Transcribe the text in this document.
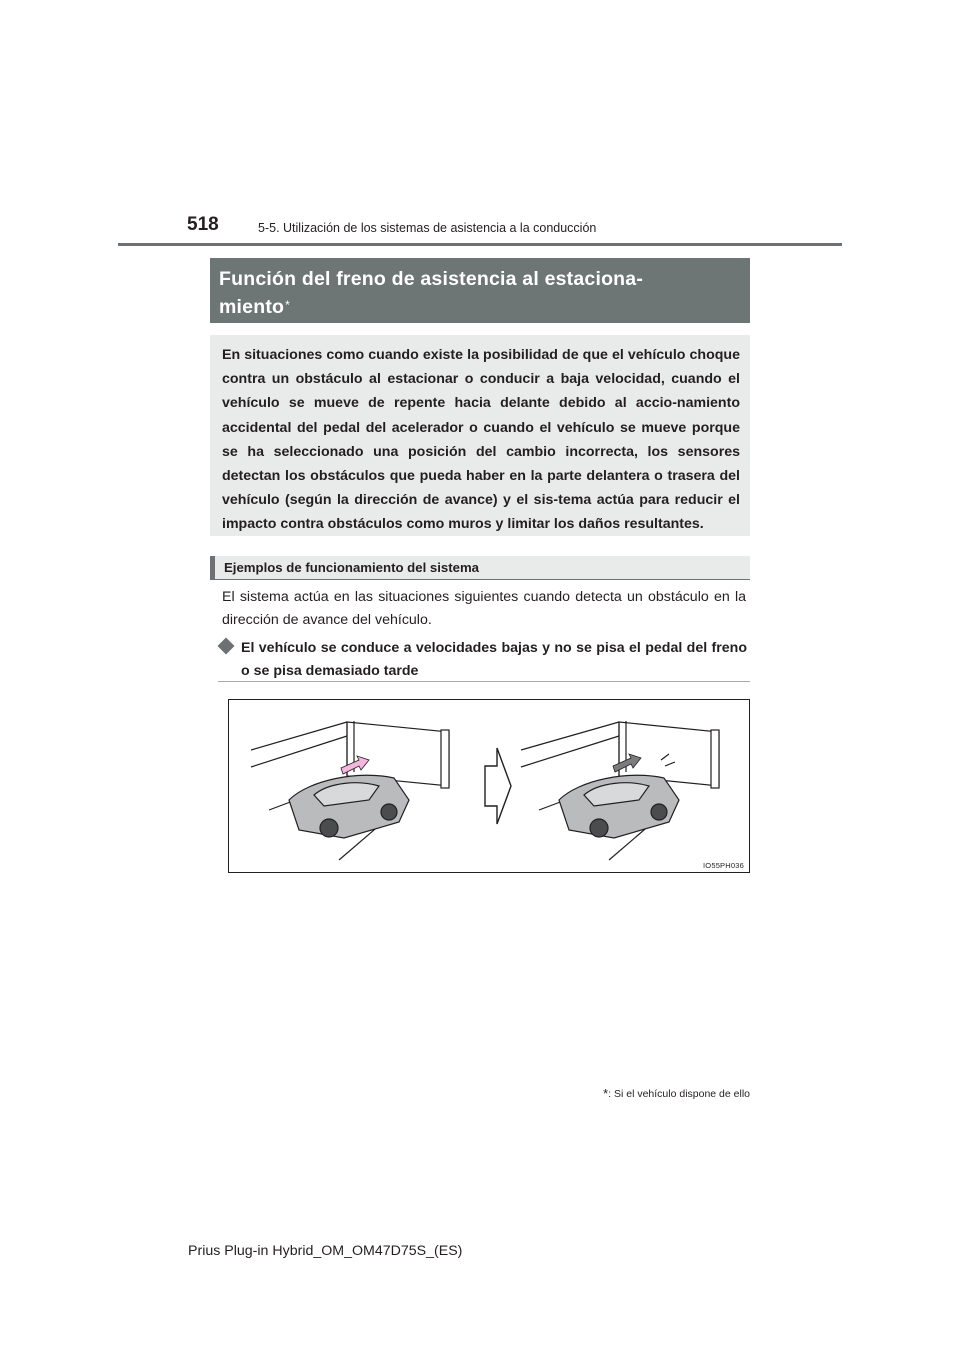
518	5-5. Utilización de los sistemas de asistencia a la conducción
Función del freno de asistencia al estaciona-
miento*
En situaciones como cuando existe la posibilidad de que el vehículo choque contra un obstáculo al estacionar o conducir a baja velocidad, cuando el vehículo se mueve de repente hacia delante debido al accio-namiento accidental del pedal del acelerador o cuando el vehículo se mueve porque se ha seleccionado una posición del cambio incorrecta, los sensores detectan los obstáculos que pueda haber en la parte delantera o trasera del vehículo (según la dirección de avance) y el sis-tema actúa para reducir el impacto contra obstáculos como muros y limitar los daños resultantes.
Ejemplos de funcionamiento del sistema
El sistema actúa en las situaciones siguientes cuando detecta un obstáculo en la dirección de avance del vehículo.
El vehículo se conduce a velocidades bajas y no se pisa el pedal del freno o se pisa demasiado tarde
IO55PH036
*: Si el vehículo dispone de ello
Prius Plug-in Hybrid_OM_OM47D75S_(ES)
